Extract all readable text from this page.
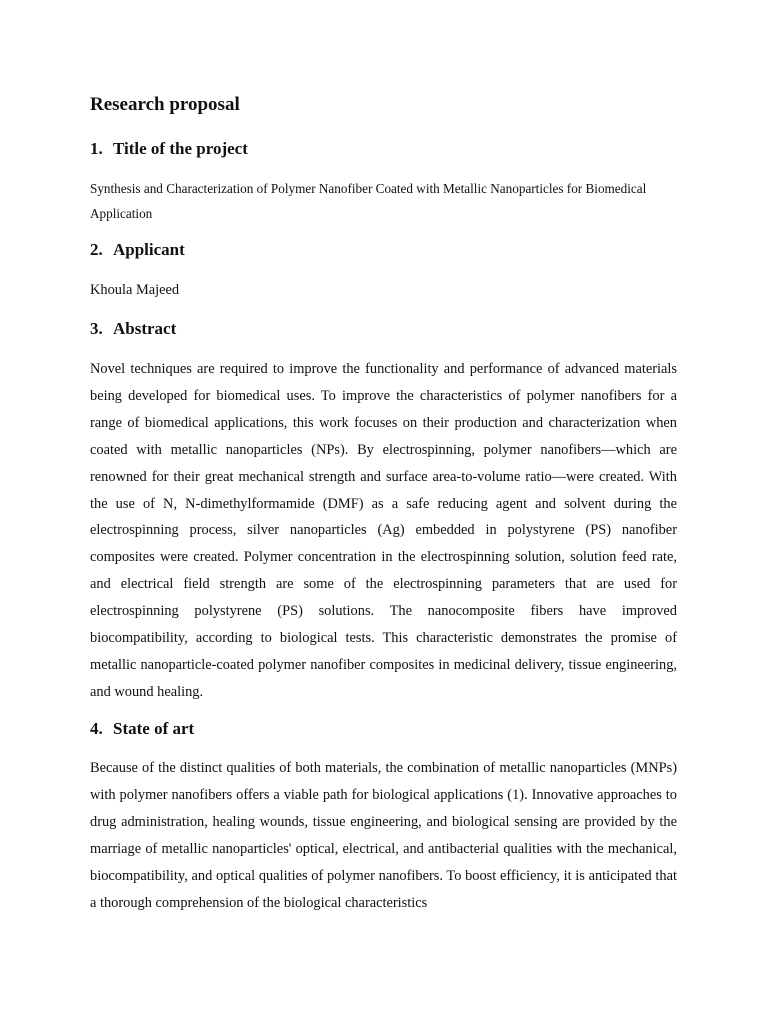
Research proposal
1. Title of the project

Synthesis and Characterization of Polymer Nanofiber Coated with Metallic Nanoparticles for Biomedical Application

2. Applicant

Khoula Majeed

3. Abstract

Novel techniques are required to improve the functionality and performance of advanced materials being developed for biomedical uses. To improve the characteristics of polymer nanofibers for a range of biomedical applications, this work focuses on their production and characterization when coated with metallic nanoparticles (NPs). By electrospinning, polymer nanofibers—which are renowned for their great mechanical strength and surface area-to-volume ratio—were created. With the use of N, N-dimethylformamide (DMF) as a safe reducing agent and solvent during the electrospinning process, silver nanoparticles (Ag) embedded in polystyrene (PS) nanofiber composites were created. Polymer concentration in the electrospinning solution, solution feed rate, and electrical field strength are some of the electrospinning parameters that are used for electrospinning polystyrene (PS) solutions. The nanocomposite fibers have improved biocompatibility, according to biological tests. This characteristic demonstrates the promise of metallic nanoparticle-coated polymer nanofiber composites in medicinal delivery, tissue engineering, and wound healing.

4. State of art

Because of the distinct qualities of both materials, the combination of metallic nanoparticles (MNPs) with polymer nanofibers offers a viable path for biological applications (1). Innovative approaches to drug administration, healing wounds, tissue engineering, and biological sensing are provided by the marriage of metallic nanoparticles' optical, electrical, and antibacterial qualities with the mechanical, biocompatibility, and optical qualities of polymer nanofibers. To boost efficiency, it is anticipated that a thorough comprehension of the biological characteristics
